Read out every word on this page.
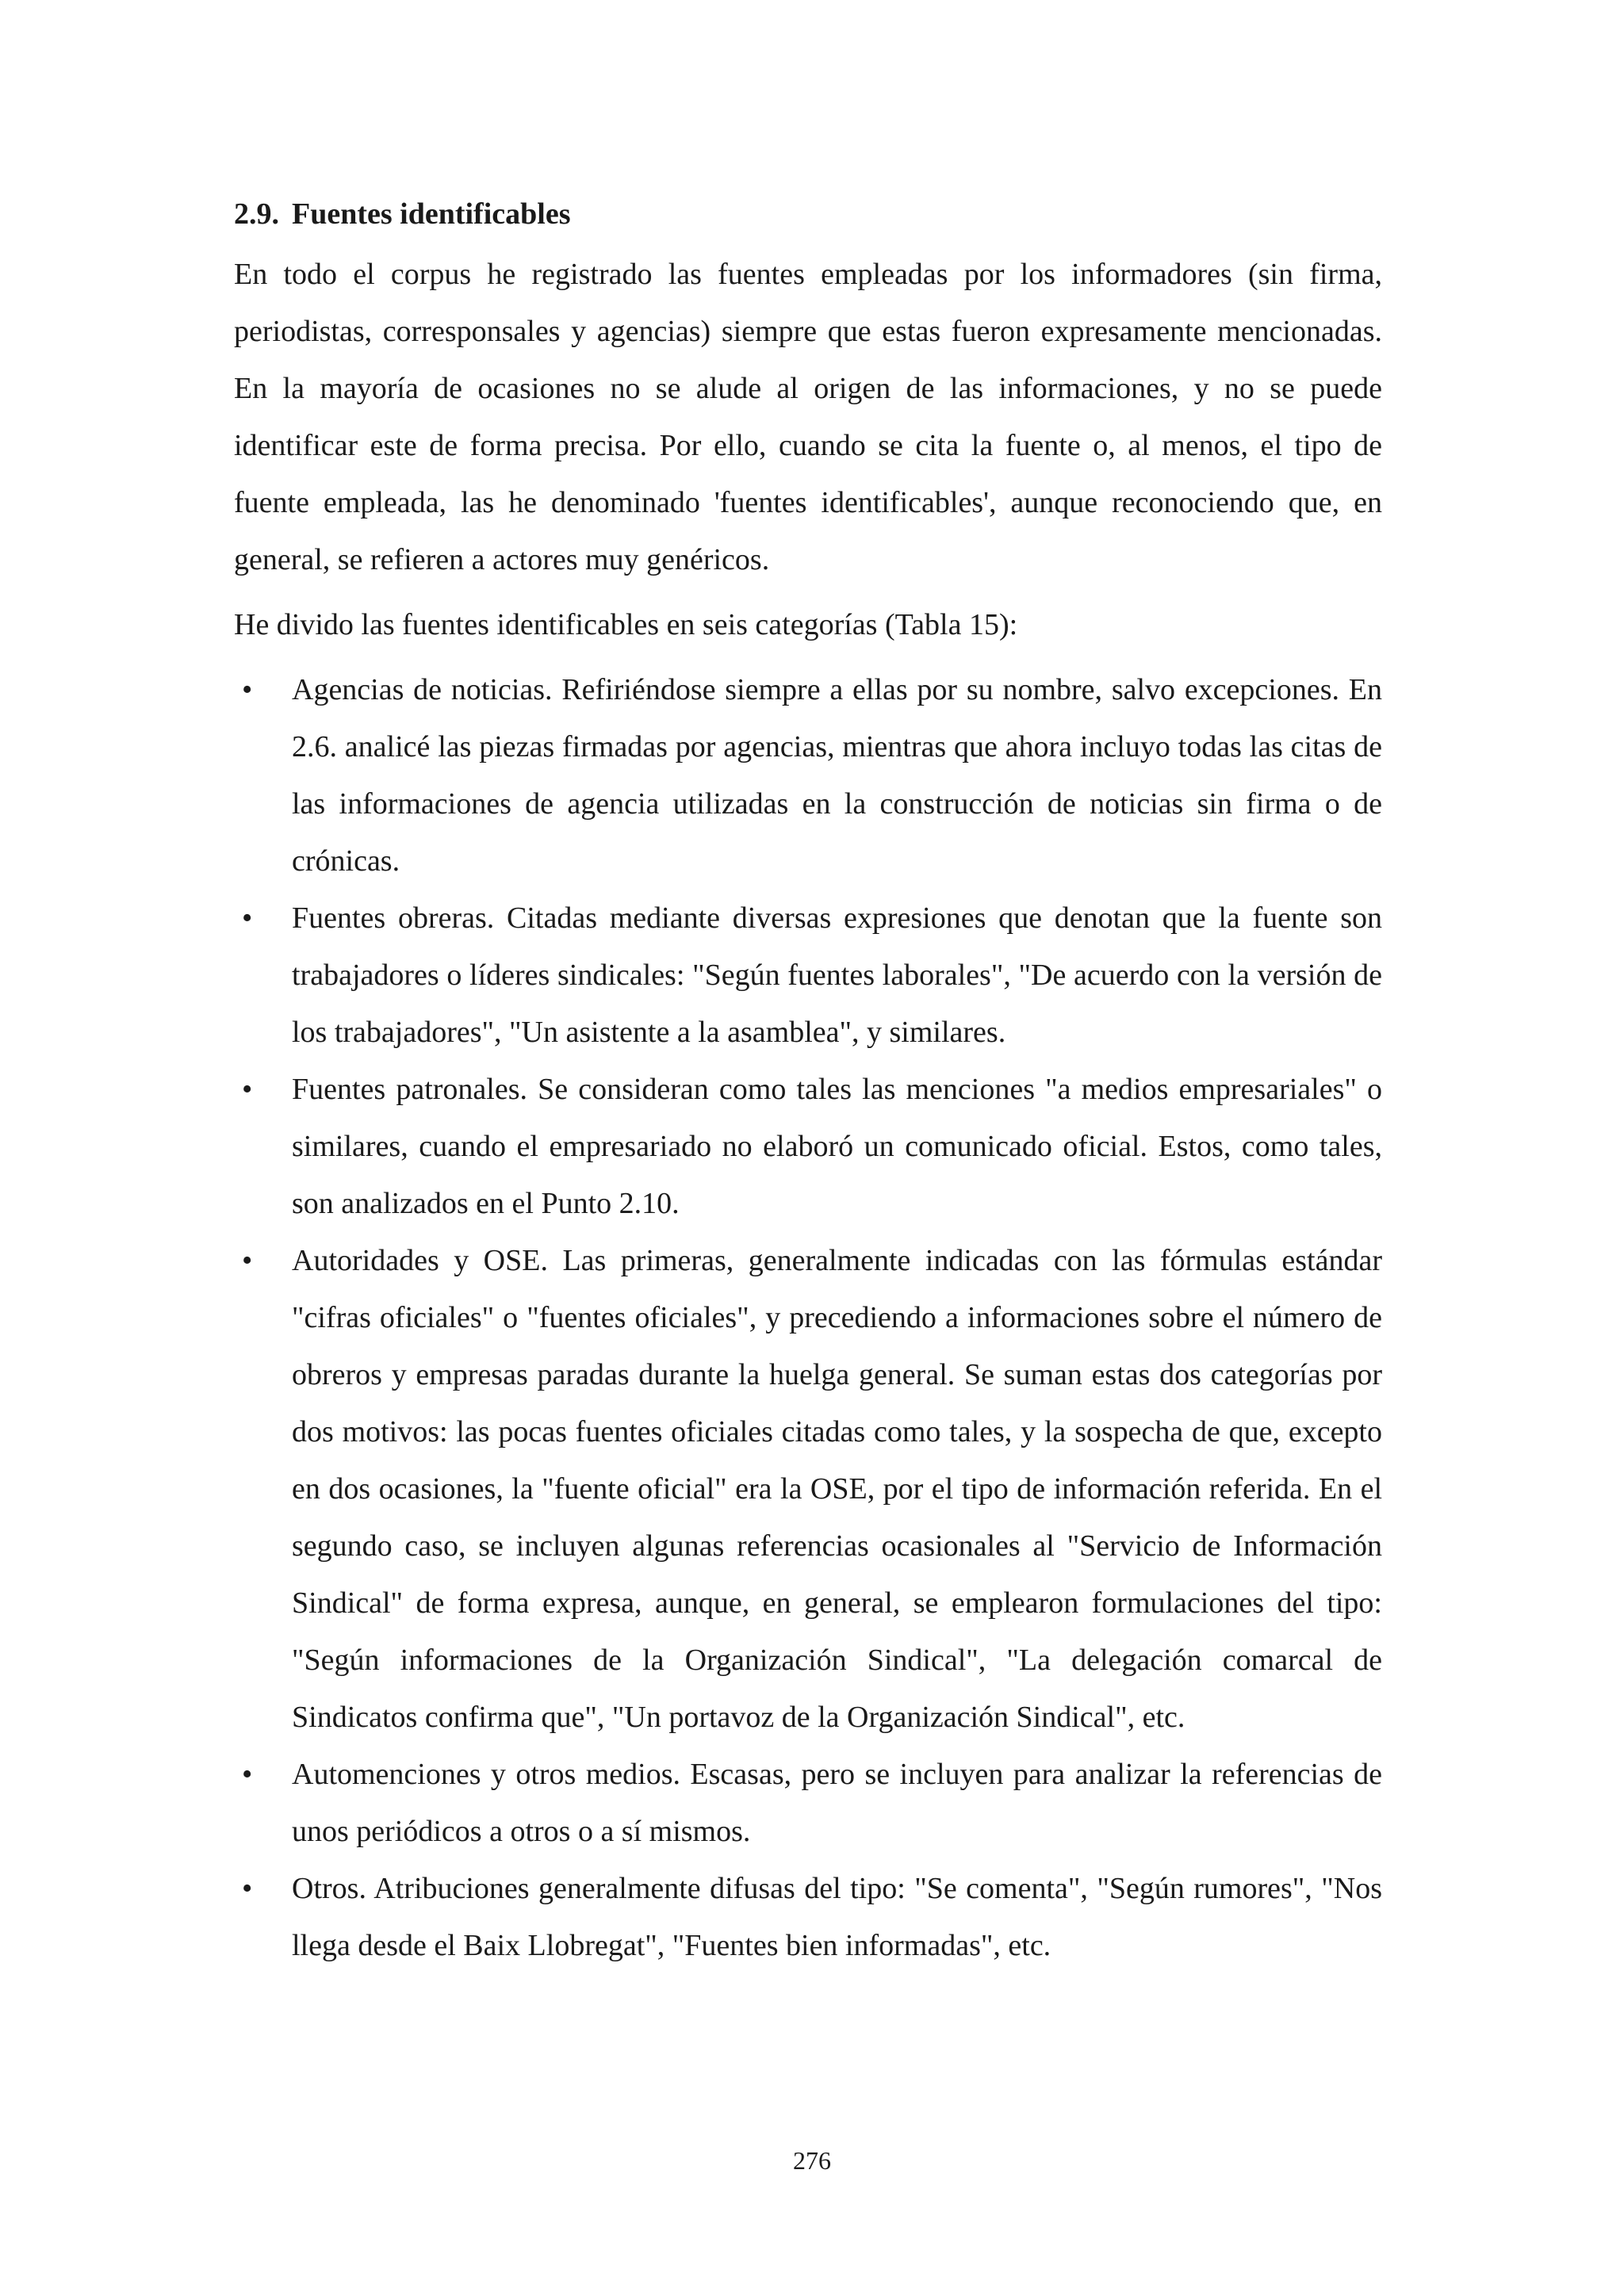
2.9. Fuentes identificables

En todo el corpus he registrado las fuentes empleadas por los informadores (sin firma, periodistas, corresponsales y agencias) siempre que estas fueron expresamente mencionadas. En la mayoría de ocasiones no se alude al origen de las informaciones, y no se puede identificar este de forma precisa. Por ello, cuando se cita la fuente o, al menos, el tipo de fuente empleada, las he denominado 'fuentes identificables', aunque reconociendo que, en general, se refieren a actores muy genéricos.

He divido las fuentes identificables en seis categorías (Tabla 15):

• Agencias de noticias. Refiriéndose siempre a ellas por su nombre, salvo excepciones. En 2.6. analicé las piezas firmadas por agencias, mientras que ahora incluyo todas las citas de las informaciones de agencia utilizadas en la construcción de noticias sin firma o de crónicas.
• Fuentes obreras. Citadas mediante diversas expresiones que denotan que la fuente son trabajadores o líderes sindicales: "Según fuentes laborales", "De acuerdo con la versión de los trabajadores", "Un asistente a la asamblea", y similares.
• Fuentes patronales. Se consideran como tales las menciones "a medios empresariales" o similares, cuando el empresariado no elaboró un comunicado oficial. Estos, como tales, son analizados en el Punto 2.10.
• Autoridades y OSE. Las primeras, generalmente indicadas con las fórmulas estándar "cifras oficiales" o "fuentes oficiales", y precediendo a informaciones sobre el número de obreros y empresas paradas durante la huelga general. Se suman estas dos categorías por dos motivos: las pocas fuentes oficiales citadas como tales, y la sospecha de que, excepto en dos ocasiones, la "fuente oficial" era la OSE, por el tipo de información referida. En el segundo caso, se incluyen algunas referencias ocasionales al "Servicio de Información Sindical" de forma expresa, aunque, en general, se emplearon formulaciones del tipo: "Según informaciones de la Organización Sindical", "La delegación comarcal de Sindicatos confirma que", "Un portavoz de la Organización Sindical", etc.
• Automenciones y otros medios. Escasas, pero se incluyen para analizar la referencias de unos periódicos a otros o a sí mismos.
• Otros. Atribuciones generalmente difusas del tipo: "Se comenta", "Según rumores", "Nos llega desde el Baix Llobregat", "Fuentes bien informadas", etc.
276
